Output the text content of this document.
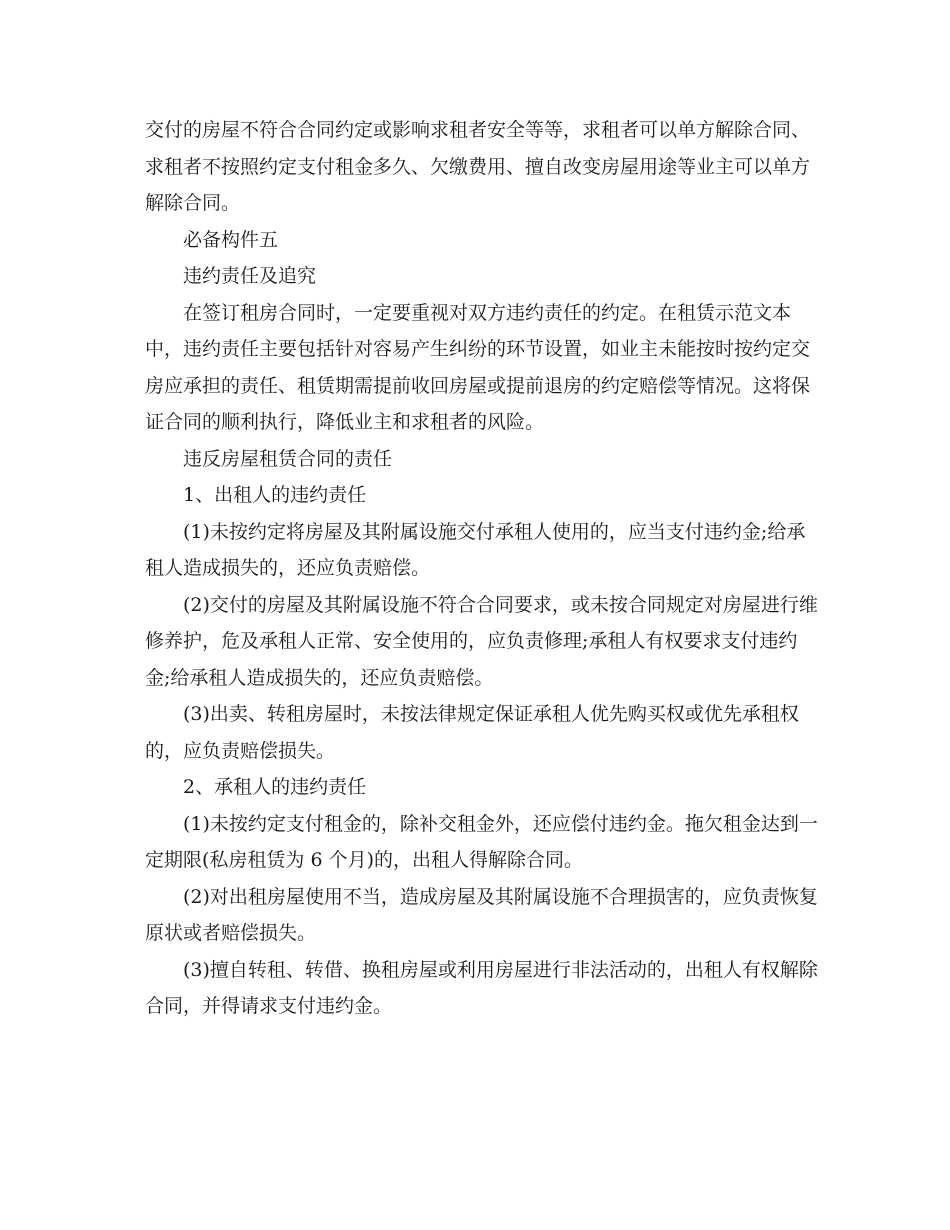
交付的房屋不符合合同约定或影响求租者安全等等，求租者可以单方解除合同、
求租者不按照约定支付租金多久、欠缴费用、擅自改变房屋用途等业主可以单方
解除合同。
必备构件五
违约责任及追究
在签订租房合同时，一定要重视对双方违约责任的约定。在租赁示范文本
中，违约责任主要包括针对容易产生纠纷的环节设置，如业主未能按时按约定交
房应承担的责任、租赁期需提前收回房屋或提前退房的约定赔偿等情况。这将保
证合同的顺利执行，降低业主和求租者的风险。
违反房屋租赁合同的责任
1、出租人的违约责任
(1)未按约定将房屋及其附属设施交付承租人使用的，应当支付违约金;给承
租人造成损失的，还应负责赔偿。
(2)交付的房屋及其附属设施不符合合同要求，或未按合同规定对房屋进行维
修养护，危及承租人正常、安全使用的，应负责修理;承租人有权要求支付违约
金;给承租人造成损失的，还应负责赔偿。
(3)出卖、转租房屋时，未按法律规定保证承租人优先购买权或优先承租权
的，应负责赔偿损失。
2、承租人的违约责任
(1)未按约定支付租金的，除补交租金外，还应偿付违约金。拖欠租金达到一
定期限(私房租赁为 6 个月)的，出租人得解除合同。
(2)对出租房屋使用不当，造成房屋及其附属设施不合理损害的，应负责恢复
原状或者赔偿损失。
(3)擅自转租、转借、换租房屋或利用房屋进行非法活动的，出租人有权解除
合同，并得请求支付违约金。
